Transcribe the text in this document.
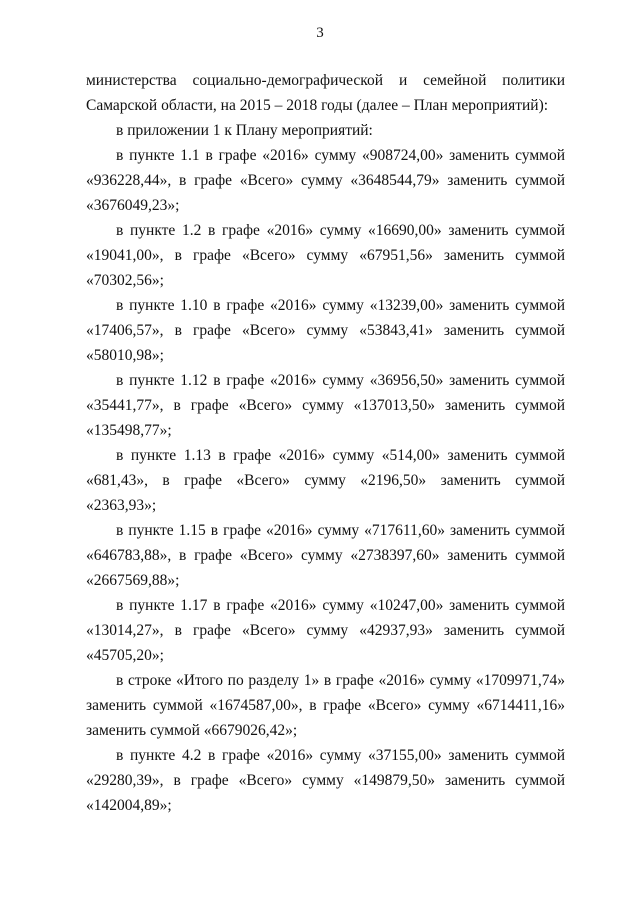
3

министерства социально-демографической и семейной политики
Самарской области, на 2015 – 2018 годы (далее – План мероприятий):

в приложении 1 к Плану мероприятий:

в пункте 1.1 в графе «2016» сумму «908724,00» заменить суммой «936228,44», в графе «Всего» сумму «3648544,79» заменить суммой «3676049,23»;

в пункте 1.2 в графе «2016» сумму «16690,00» заменить суммой «19041,00», в графе «Всего» сумму «67951,56» заменить суммой «70302,56»;

в пункте 1.10 в графе «2016» сумму «13239,00» заменить суммой «17406,57», в графе «Всего» сумму «53843,41» заменить суммой «58010,98»;

в пункте 1.12 в графе «2016» сумму «36956,50» заменить суммой «35441,77», в графе «Всего» сумму «137013,50» заменить суммой «135498,77»;

в пункте 1.13 в графе «2016» сумму «514,00» заменить суммой «681,43», в графе «Всего» сумму «2196,50» заменить суммой «2363,93»;

в пункте 1.15 в графе «2016» сумму «717611,60» заменить суммой «646783,88», в графе «Всего» сумму «2738397,60» заменить суммой «2667569,88»;

в пункте 1.17 в графе «2016» сумму «10247,00» заменить суммой «13014,27», в графе «Всего» сумму «42937,93» заменить суммой «45705,20»;

в строке «Итого по разделу 1» в графе «2016» сумму «1709971,74» заменить суммой «1674587,00», в графе «Всего» сумму «6714411,16» заменить суммой «6679026,42»;

в пункте 4.2 в графе «2016» сумму «37155,00» заменить суммой «29280,39», в графе «Всего» сумму «149879,50» заменить суммой «142004,89»;
